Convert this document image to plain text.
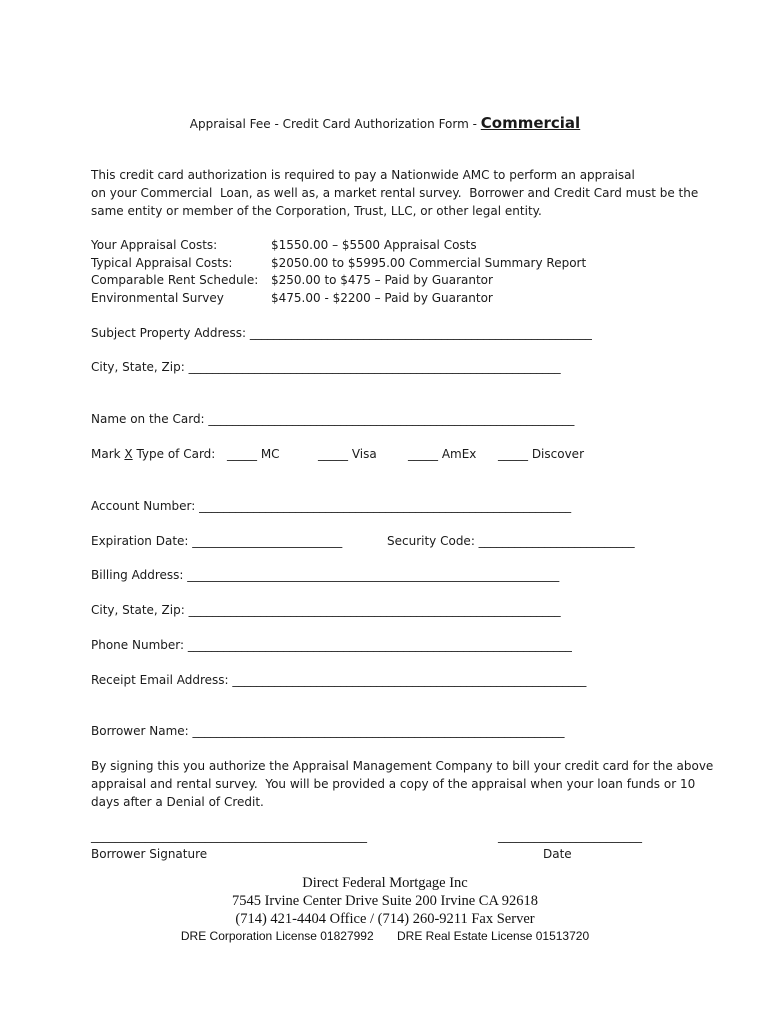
Appraisal Fee - Credit Card Authorization Form - Commercial
This credit card authorization is required to pay a Nationwide AMC to perform an appraisal
on your Commercial  Loan, as well as, a market rental survey.  Borrower and Credit Card must be the
same entity or member of the Corporation, Trust, LLC, or other legal entity.
Your Appraisal Costs:	$1550.00 – $5500 Appraisal Costs
Typical Appraisal Costs:	$2050.00 to $5995.00 Commercial Summary Report
Comparable Rent Schedule: $250.00 to $475 – Paid by Guarantor
Environmental Survey	$475.00 - $2200 – Paid by Guarantor
Subject Property Address: _________________________________________________________
City, State, Zip: ______________________________________________________________
Name on the Card: _____________________________________________________________
Mark X Type of Card: _____ MC	_____ Visa	_____ AmEx _____ Discover
Account Number: ______________________________________________________________
Expiration Date: _________________________	Security Code: __________________________
Billing Address: ______________________________________________________________
City, State, Zip: ______________________________________________________________
Phone Number: ________________________________________________________________
Receipt Email Address: ___________________________________________________________
Borrower Name: ______________________________________________________________
By signing this you authorize the Appraisal Management Company to bill your credit card for the above
appraisal and rental survey.  You will be provided a copy of the appraisal when your loan funds or 10
days after a Denial of Credit.
______________________________________________	________________________
Borrower Signature	Date
Direct Federal Mortgage Inc
7545 Irvine Center Drive Suite 200 Irvine CA 92618
(714) 421-4404 Office / (714) 260-9211 Fax Server
DRE Corporation License 01827992 DRE Real Estate License 01513720
